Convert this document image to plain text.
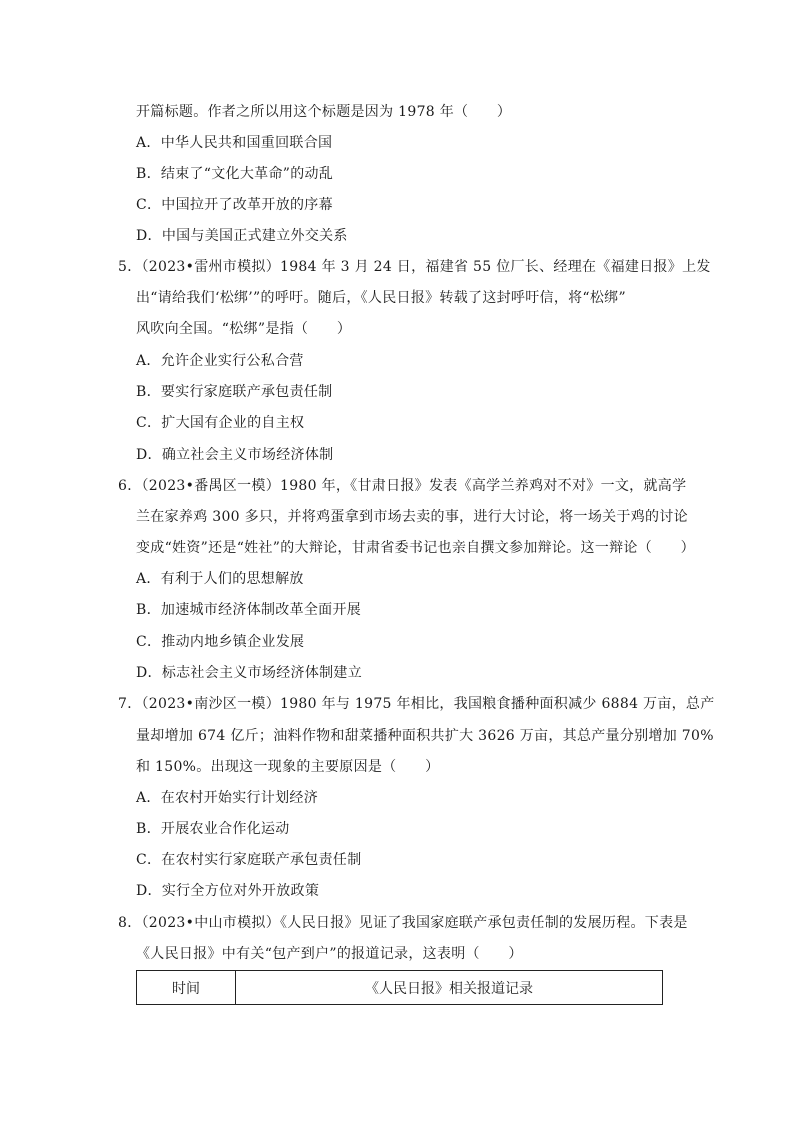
开篇标题。作者之所以用这个标题是因为 1978 年（　　）
A．中华人民共和国重回联合国
B．结束了“文化大革命”的动乱
C．中国拉开了改革开放的序幕
D．中国与美国正式建立外交关系
5．（2023•雷州市模拟）1984 年 3 月 24 日，福建省 55 位厂长、经理在《福建日报》上发
出“请给我们‘松绑’”的呼吁。随后，《人民日报》转载了这封呼吁信，将“松绑”
风吹向全国。“松绑”是指（　　）
A．允许企业实行公私合营
B．要实行家庭联产承包责任制
C．扩大国有企业的自主权
D．确立社会主义市场经济体制
6．（2023•番禺区一模）1980 年，《甘肃日报》发表《高学兰养鸡对不对》一文，就高学
兰在家养鸡 300 多只，并将鸡蛋拿到市场去卖的事，进行大讨论，将一场关于鸡的讨论
变成“姓资”还是“姓社”的大辩论，甘肃省委书记也亲自撰文参加辩论。这一辩论（　　）
A．有利于人们的思想解放
B．加速城市经济体制改革全面开展
C．推动内地乡镇企业发展
D．标志社会主义市场经济体制建立
7．（2023•南沙区一模）1980 年与 1975 年相比，我国粮食播种面积减少 6884 万亩，总产
量却增加 674 亿斤；油料作物和甜菜播种面积共扩大 3626 万亩，其总产量分别增加 70%
和 150%。出现这一现象的主要原因是（　　）
A．在农村开始实行计划经济
B．开展农业合作化运动
C．在农村实行家庭联产承包责任制
D．实行全方位对外开放政策
8．（2023•中山市模拟）《人民日报》见证了我国家庭联产承包责任制的发展历程。下表是
《人民日报》中有关“包产到户”的报道记录，这表明（　　）
时间	《人民日报》相关报道记录
